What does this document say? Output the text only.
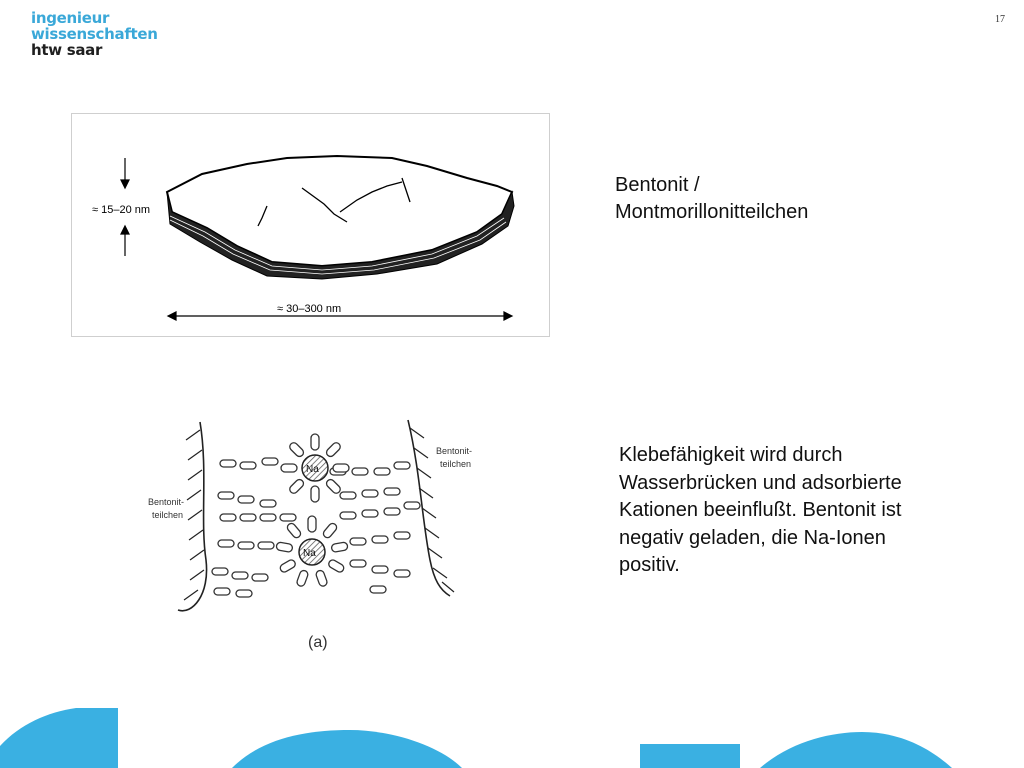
ingenieur
wissenschaften
htw saar
17
≈ 15–20 nm
≈ 30–300 nm
Na
Na
Bentonit-
teilchen
Bentonit-
teilchen
(a)
Bentonit /
Montmorillonitteilchen
Klebefähigkeit wird durch Wasserbrücken und adsorbierte Kationen beeinflußt. Bentonit ist negativ geladen, die Na-Ionen positiv.
